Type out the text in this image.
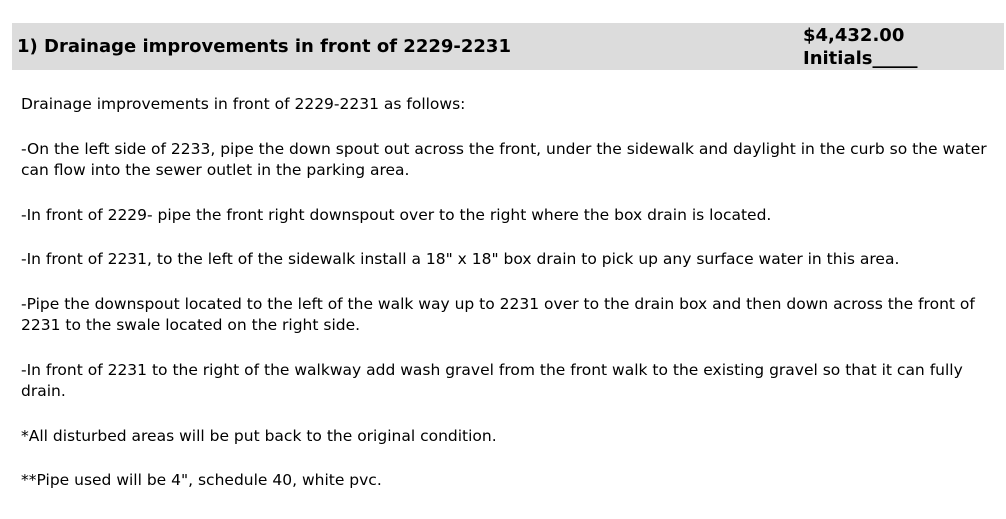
1) Drainage improvements in front of 2229-2231
$4,432.00
Initials_____

Drainage improvements in front of 2229-2231 as follows:

-On the left side of 2233, pipe the down spout out across the front, under the sidewalk and daylight in the curb so the water can flow into the sewer outlet in the parking area.

-In front of 2229- pipe the front right downspout over to the right where the box drain is located.

-In front of 2231, to the left of the sidewalk install a 18" x 18" box drain to pick up any surface water in this area.

-Pipe the downspout located to the left of the walk way up to 2231 over to the drain box and then down across the front of 2231 to the swale located on the right side.

-In front of 2231 to the right of the walkway add wash gravel from the front walk to the existing gravel so that it can fully drain.

*All disturbed areas will be put back to the original condition.

**Pipe used will be 4", schedule 40, white pvc.
